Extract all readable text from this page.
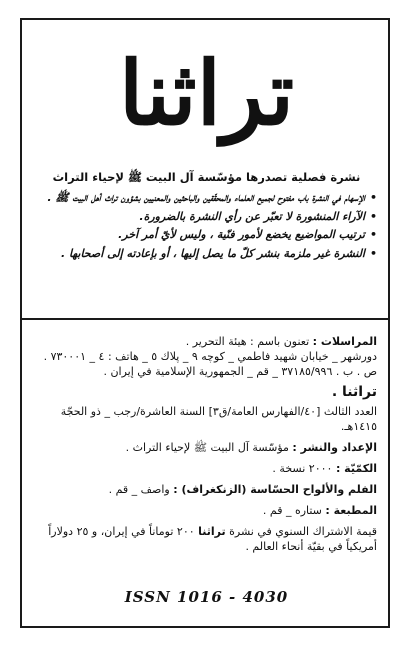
تراثنا
نشرة فصلية تصدرها مؤسّسة آل البيت ﷺ لإحياء التراث
• الإسهام في النشرة باب مفتوح لجميع العلماء والمحقّقين والباحثين والمعنيين بشؤون تراث أهل البيت ﷺ .
• الآراء المنشورة لا تعبّر عن رأي النشرة بالضرورة.
• ترتيب المواضيع يخضع لأمور فنّية ، وليس لأيّ أمر آخر.
• النشرة غير ملزمة بنشر كلّ ما يصل إليها ، أو بإعادته إلى أصحابها .
المراسلات : تعنون باسم : هيئة التحرير .
دورشهر _ خيابان شهيد فاطمي _ كوچه ٩ _ پلاك ٥ _ هاتف : ٤ _ ٧٣٠٠٠١ .
ص . ب . ٣٧١٨٥/٩٩٦ _ قم _ الجمهورية الإسلامية في إيران .
تراثنا .
العدد الثالث [٤٠/الفهارس العامة/ق٣] السنة العاشرة/رجب _ ذو الحجّة ١٤١٥هـ.
الإعداد والنشر : مؤسّسة آل البيت ﷺ لإحياء التراث .
الكمّيّة : ٢٠٠٠ نسخة .
الفلم والألواح الحسّاسة (الزنكغراف) : واصف _ قم .
المطبعة : ستاره _ قم .
قيمة الاشتراك السنوي في نشرة تراثنا ٢٠٠ توماناً في إيران، و ٢٥ دولاراً أمريكياً في بقيّة أنحاء العالم .
ISSN 1016 - 4030
